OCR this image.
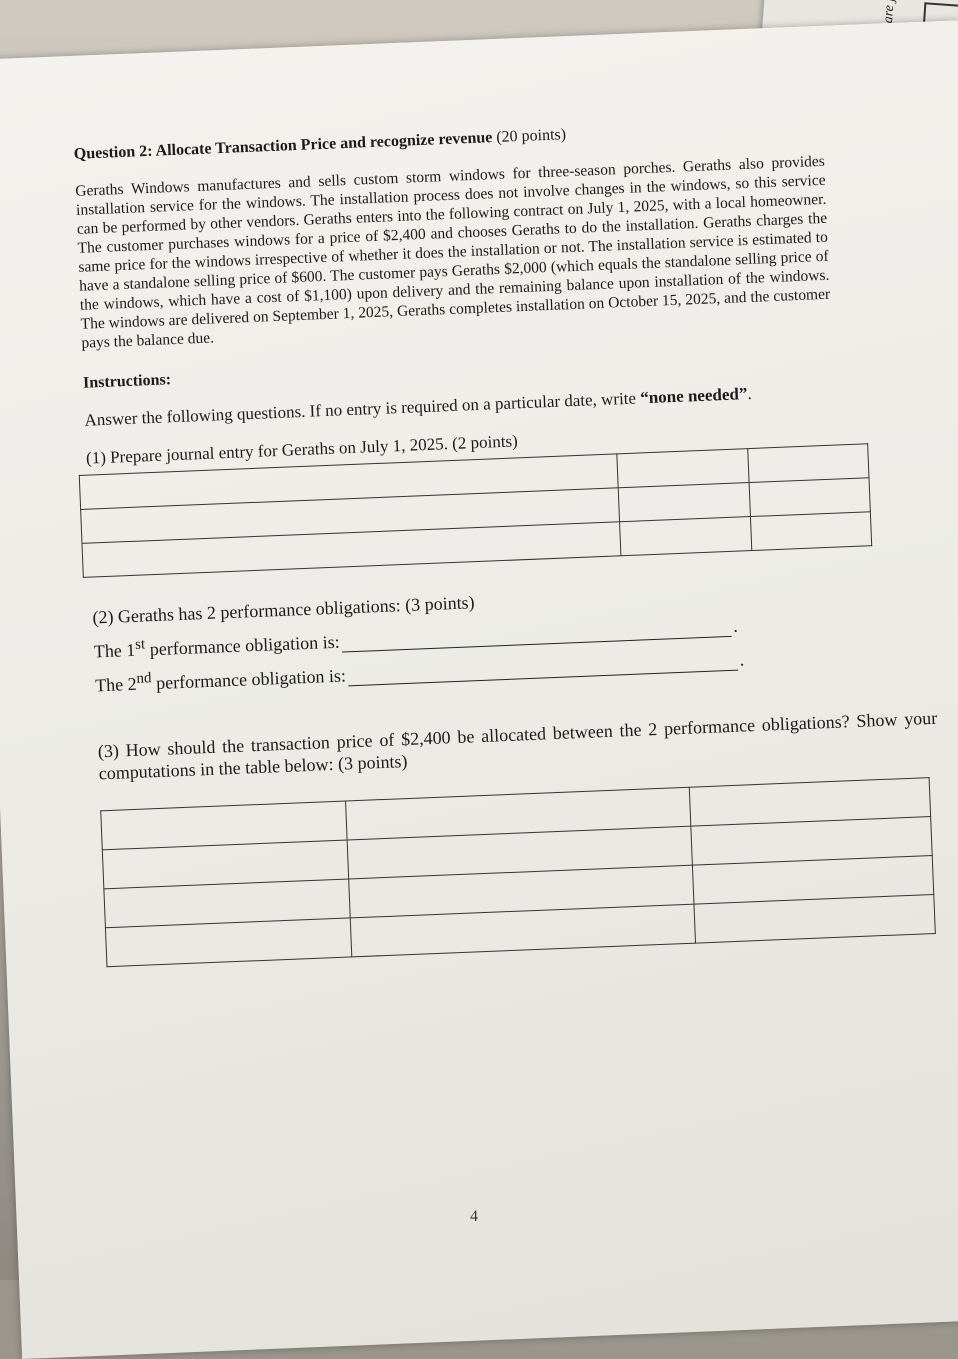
Question 2: Allocate Transaction Price and recognize revenue (20 points)

Geraths Windows manufactures and sells custom storm windows for three-season porches. Geraths also provides installation service for the windows. The installation process does not involve changes in the windows, so this service can be performed by other vendors. Geraths enters into the following contract on July 1, 2025, with a local homeowner. The customer purchases windows for a price of $2,400 and chooses Geraths to do the installation. Geraths charges the same price for the windows irrespective of whether it does the installation or not. The installation service is estimated to have a standalone selling price of $600. The customer pays Geraths $2,000 (which equals the standalone selling price of the windows, which have a cost of $1,100) upon delivery and the remaining balance upon installation of the windows. The windows are delivered on September 1, 2025, Geraths completes installation on October 15, 2025, and the customer pays the balance due.

Instructions:

Answer the following questions. If no entry is required on a particular date, write “none needed”.

(1) Prepare journal entry for Geraths on July 1, 2025. (2 points)

(2) Geraths has 2 performance obligations: (3 points)

The 1st performance obligation is:
.

The 2nd performance obligation is:
.

(3) How should the transaction price of $2,400 be allocated between the 2 performance obligations? Show your computations in the table below: (3 points)

4
